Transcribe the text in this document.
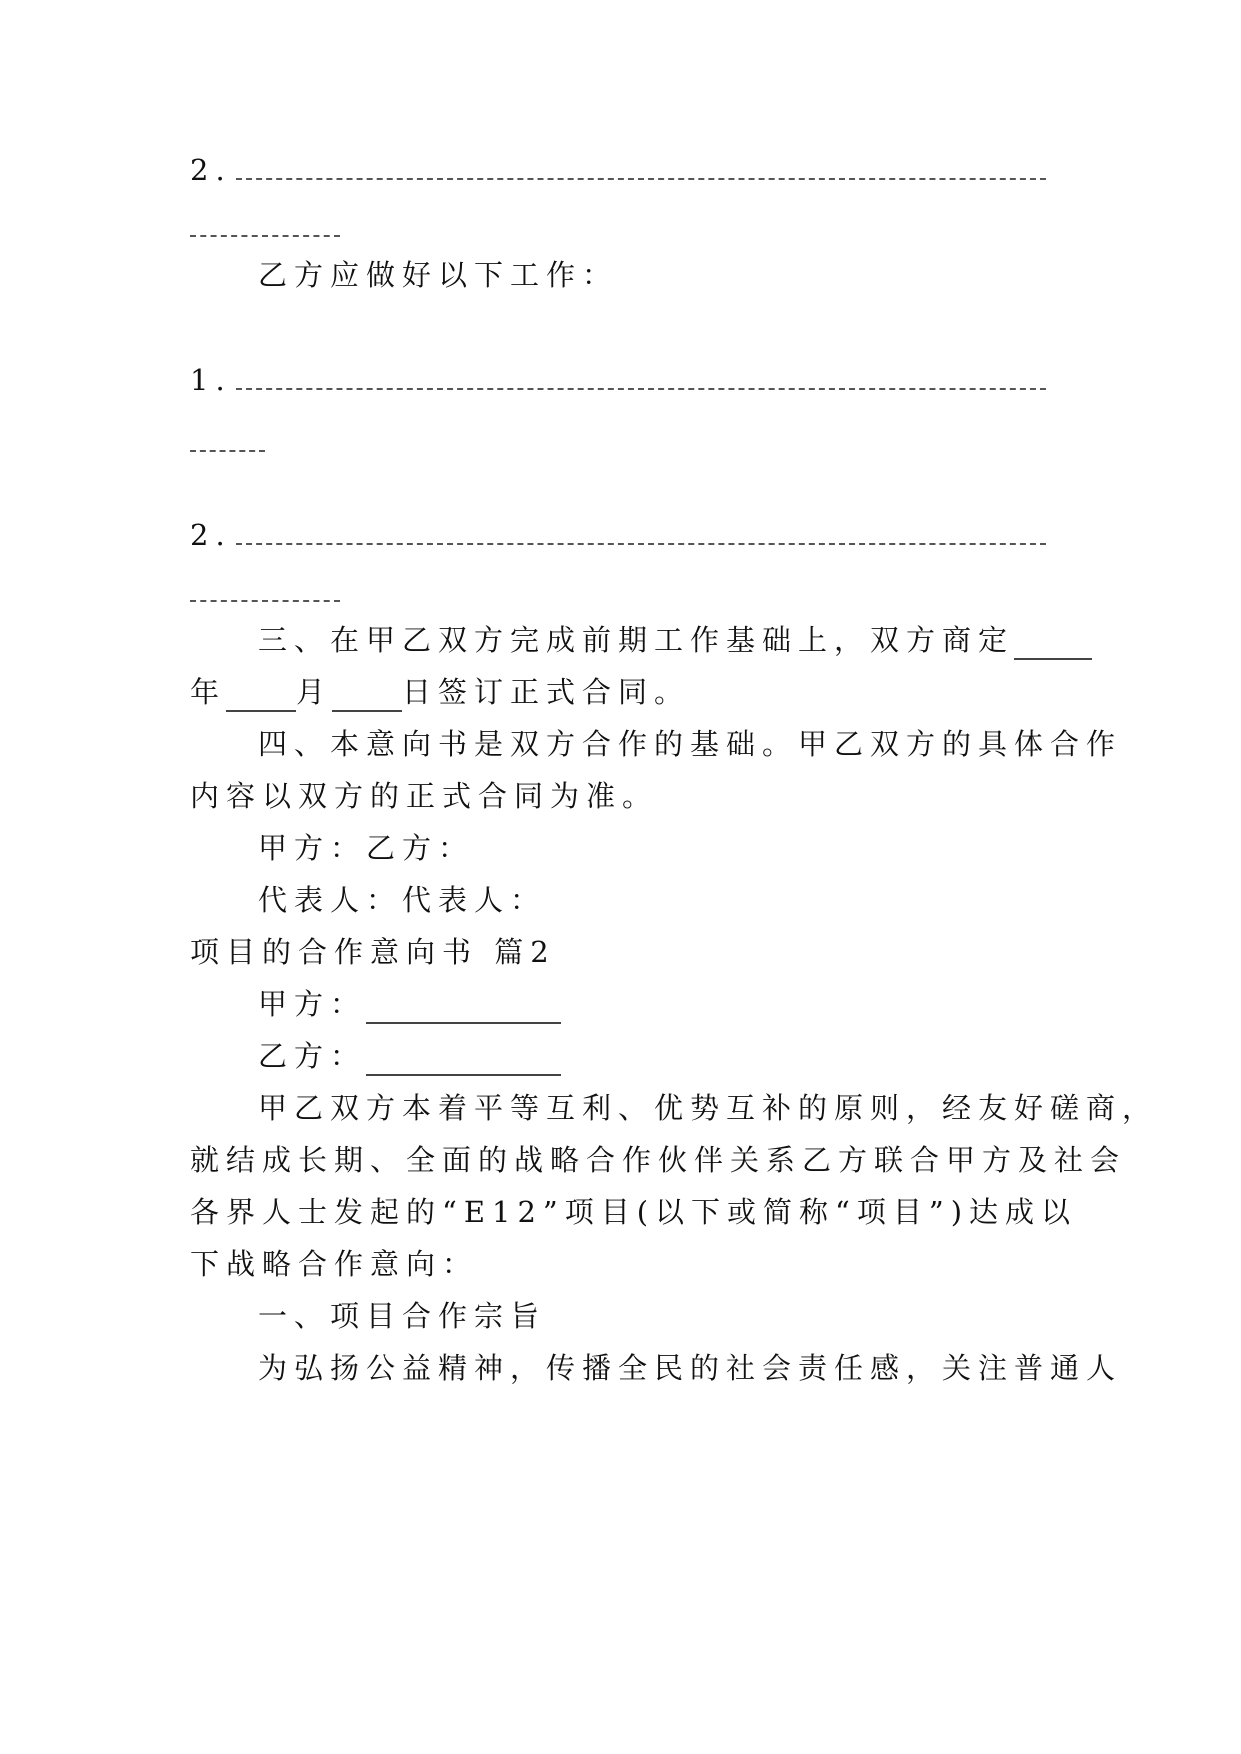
2.
乙方应做好以下工作：
1.
2.
三、在甲乙双方完成前期工作基础上，双方商定
年 月 日签订正式合同。
四、本意向书是双方合作的基础。甲乙双方的具体合作
内容以双方的正式合同为准。
甲方：乙方：
代表人：代表人：
项目的合作意向书 篇2
甲方：
乙方：
甲乙双方本着平等互利、优势互补的原则，经友好磋商，
就结成长期、全面的战略合作伙伴关系乙方联合甲方及社会
各界人士发起的“E12”项目(以下或简称“项目”)达成以
下战略合作意向：
一、项目合作宗旨
为弘扬公益精神，传播全民的社会责任感，关注普通人
